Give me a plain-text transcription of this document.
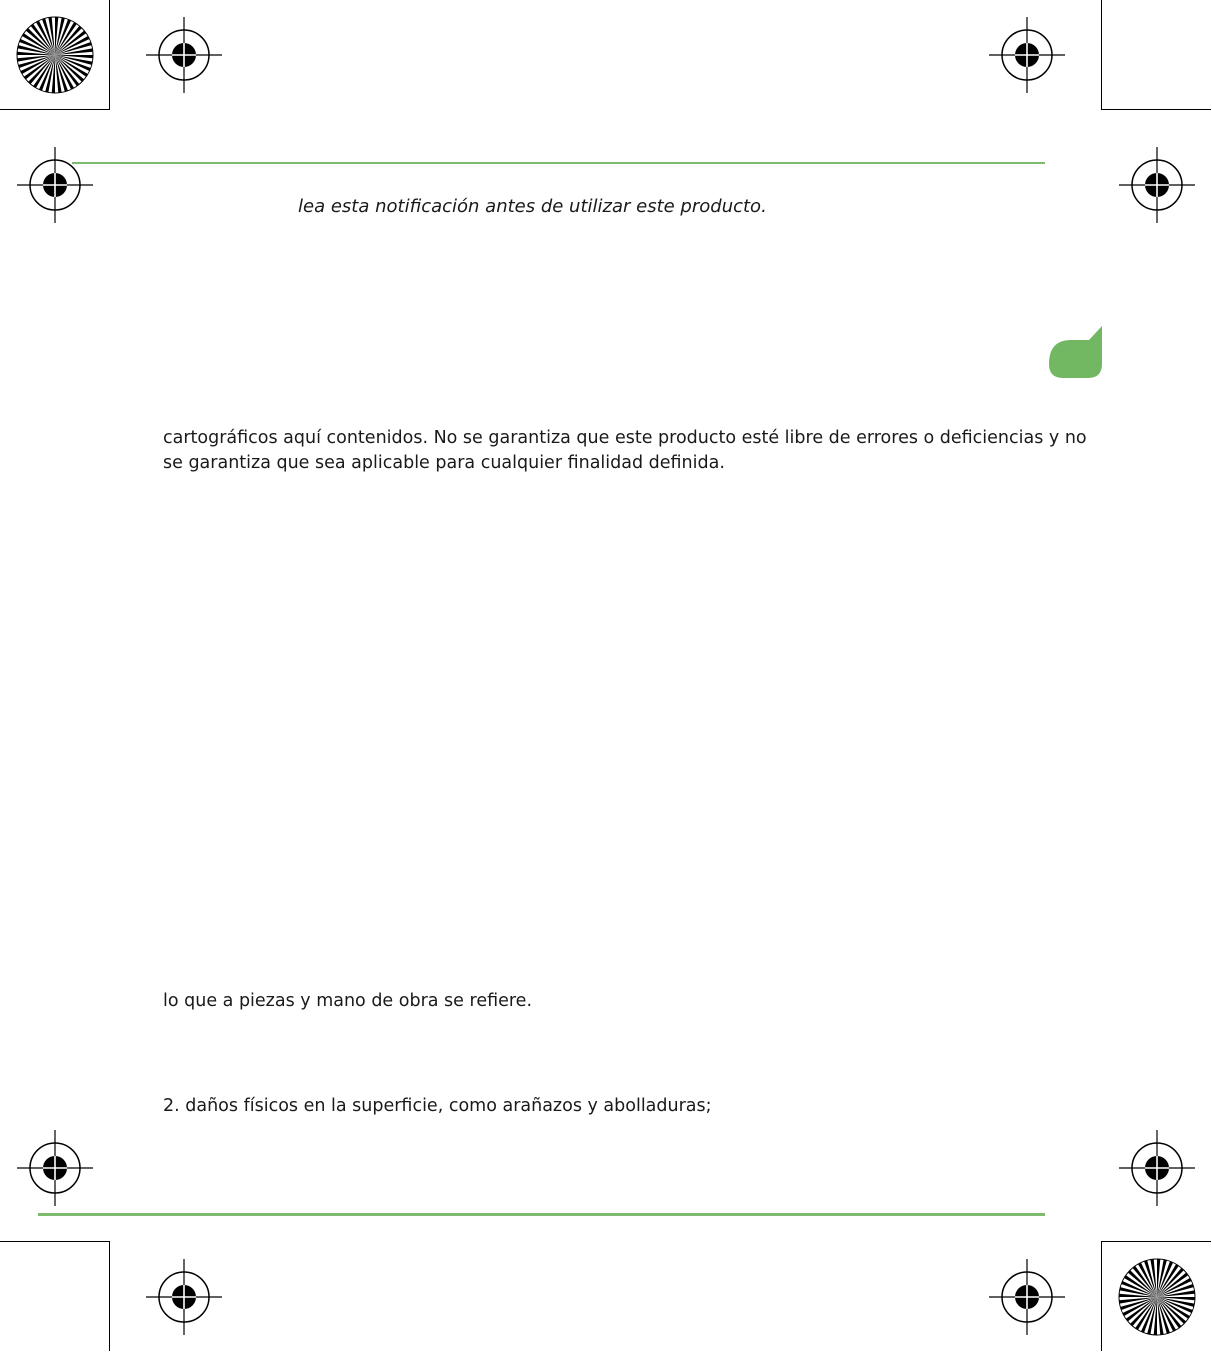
lea esta notificación antes de utilizar este producto.
cartográficos aquí contenidos. No se garantiza que este producto esté libre de errores o deficiencias y no
se garantiza que sea aplicable para cualquier finalidad definida.
lo que a piezas y mano de obra se refiere.
2. daños físicos en la superficie, como arañazos y abolladuras;
